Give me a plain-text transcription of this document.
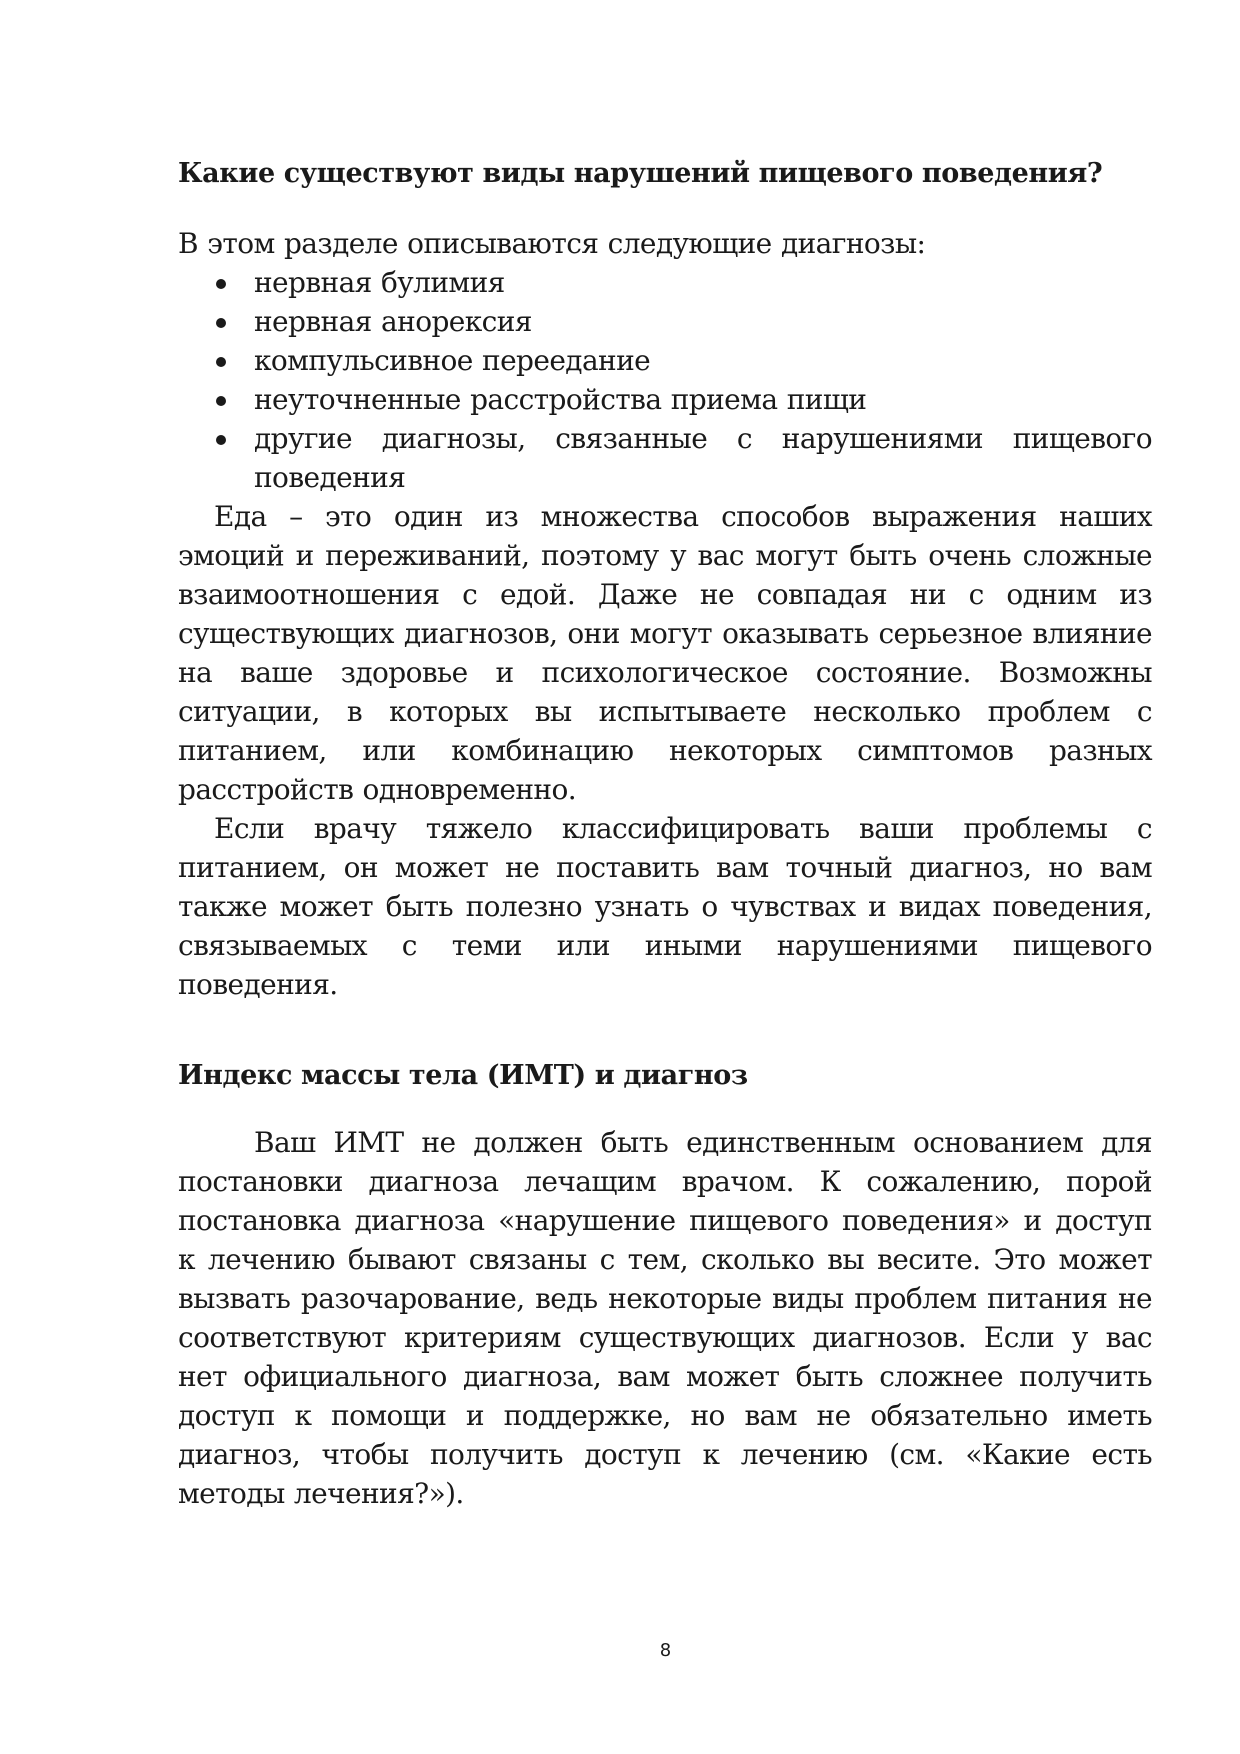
Какие существуют виды нарушений пищевого поведения?

В этом разделе описываются следующие диагнозы:

нервная булимия
нервная анорексия
компульсивное переедание
неуточненные расстройства приема пищи
другие диагнозы, связанные с нарушениями пищевого поведения

Еда – это один из множества способов выражения наших эмоций и переживаний, поэтому у вас могут быть очень сложные взаимоотношения с едой. Даже не совпадая ни с одним из существующих диагнозов, они могут оказывать серьезное влияние на ваше здоровье и психологическое состояние. Возможны ситуации, в которых вы испытываете несколько проблем с питанием, или комбинацию некоторых симптомов разных расстройств одновременно.

Если врачу тяжело классифицировать ваши проблемы с питанием, он может не поставить вам точный диагноз, но вам также может быть полезно узнать о чувствах и видах поведения, связываемых с теми или иными нарушениями пищевого поведения.

Индекс массы тела (ИМТ) и диагноз

Ваш ИМТ не должен быть единственным основанием для постановки диагноза лечащим врачом. К сожалению, порой постановка диагноза «нарушение пищевого поведения» и доступ к лечению бывают связаны с тем, сколько вы весите. Это может вызвать разочарование, ведь некоторые виды проблем питания не соответствуют критериям существующих диагнозов. Если у вас нет официального диагноза, вам может быть сложнее получить доступ к помощи и поддержке, но вам не обязательно иметь диагноз, чтобы получить доступ к лечению (см. «Какие есть методы лечения?»).

8
